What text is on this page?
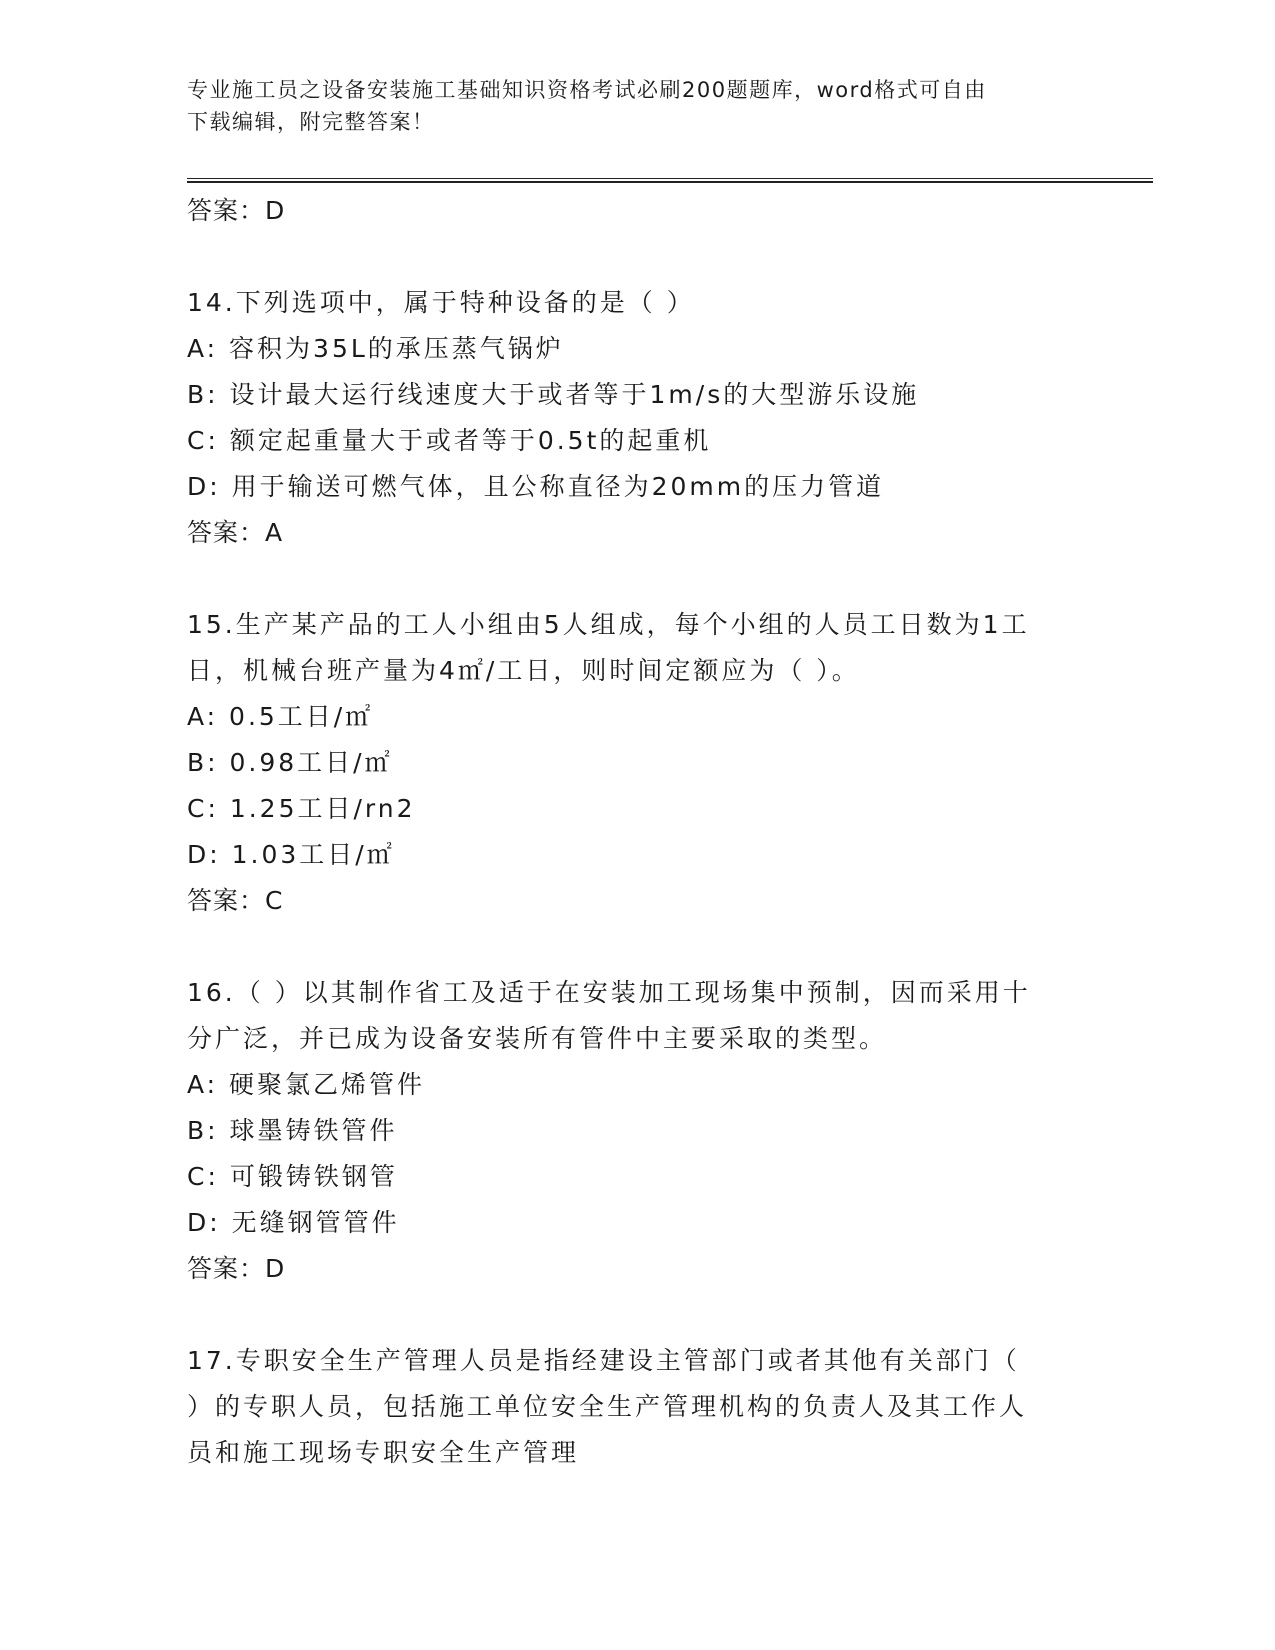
专业施工员之设备安装施工基础知识资格考试必刷200题题库，word格式可自由
下载编辑，附完整答案！
答案：D
14.下列选项中，属于特种设备的是（ ）
A: 容积为35L的承压蒸气锅炉
B: 设计最大运行线速度大于或者等于1m/s的大型游乐设施
C: 额定起重量大于或者等于0.5t的起重机
D: 用于输送可燃气体，且公称直径为20mm的压力管道
答案：A
15.生产某产品的工人小组由5人组成，每个小组的人员工日数为1工
日，机械台班产量为4㎡/工日，则时间定额应为（ ）。
A: 0.5工日/㎡
B: 0.98工日/㎡
C: 1.25工日/rn2
D: 1.03工日/㎡
答案：C
16.（ ）以其制作省工及适于在安装加工现场集中预制，因而采用十
分广泛，并已成为设备安装所有管件中主要采取的类型。
A: 硬聚氯乙烯管件
B: 球墨铸铁管件
C: 可锻铸铁钢管
D: 无缝钢管管件
答案：D
17.专职安全生产管理人员是指经建设主管部门或者其他有关部门（
）的专职人员，包括施工单位安全生产管理机构的负责人及其工作人
员和施工现场专职安全生产管理
